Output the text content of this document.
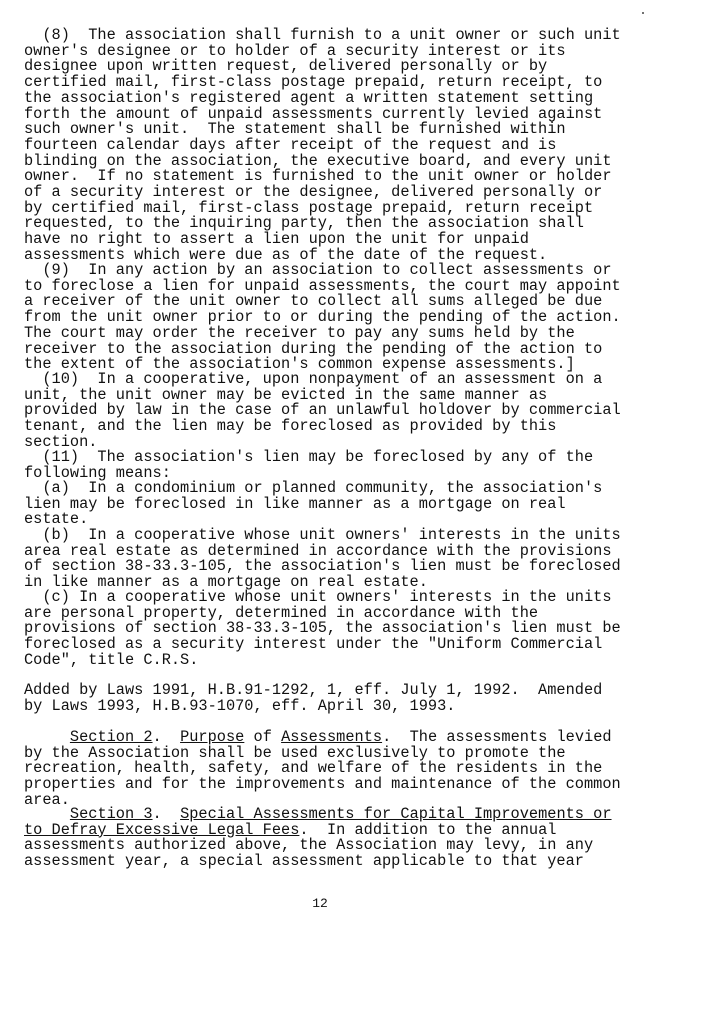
(8)  The association shall furnish to a unit owner or such unit
owner's designee or to holder of a security interest or its
designee upon written request, delivered personally or by
certified mail, first-class postage prepaid, return receipt, to
the association's registered agent a written statement setting
forth the amount of unpaid assessments currently levied against
such owner's unit.  The statement shall be furnished within
fourteen calendar days after receipt of the request and is
blinding on the association, the executive board, and every unit
owner.  If no statement is furnished to the unit owner or holder
of a security interest or the designee, delivered personally or
by certified mail, first-class postage prepaid, return receipt
requested, to the inquiring party, then the association shall
have no right to assert a lien upon the unit for unpaid
assessments which were due as of the date of the request.

(9)  In any action by an association to collect assessments or
to foreclose a lien for unpaid assessments, the court may appoint
a receiver of the unit owner to collect all sums alleged be due
from the unit owner prior to or during the pending of the action.
The court may order the receiver to pay any sums held by the
receiver to the association during the pending of the action to
the extent of the association's common expense assessments.]

(10)  In a cooperative, upon nonpayment of an assessment on a
unit, the unit owner may be evicted in the same manner as
provided by law in the case of an unlawful holdover by commercial
tenant, and the lien may be foreclosed as provided by this
section.

(11)  The association's lien may be foreclosed by any of the
following means:

(a)  In a condominium or planned community, the association's
lien may be foreclosed in like manner as a mortgage on real
estate.

(b)  In a cooperative whose unit owners' interests in the units
area real estate as determined in accordance with the provisions
of section 38-33.3-105, the association's lien must be foreclosed
in like manner as a mortgage on real estate.

(c) In a cooperative whose unit owners' interests in the units
are personal property, determined in accordance with the
provisions of section 38-33.3-105, the association's lien must be
foreclosed as a security interest under the "Uniform Commercial
Code", title C.R.S.

Added by Laws 1991, H.B.91-1292, 1, eff. July 1, 1992.  Amended
by Laws 1993, H.B.93-1070, eff. April 30, 1993.

Section 2.  Purpose of Assessments.  The assessments levied
by the Association shall be used exclusively to promote the
recreation, health, safety, and welfare of the residents in the
properties and for the improvements and maintenance of the common
area.

Section 3.  Special Assessments for Capital Improvements or
to Defray Excessive Legal Fees.  In addition to the annual
assessments authorized above, the Association may levy, in any
assessment year, a special assessment applicable to that year

12
